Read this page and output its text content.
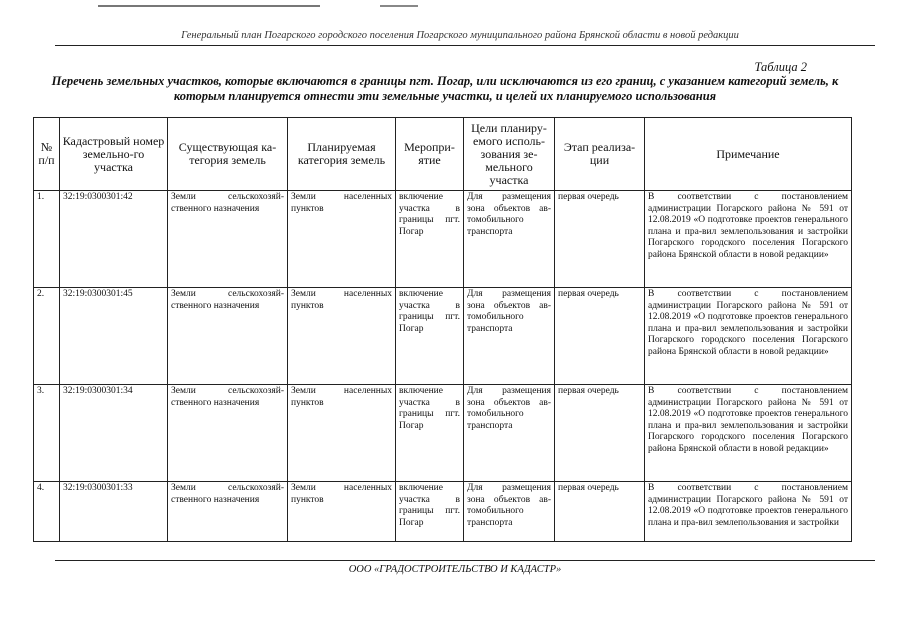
Генеральный план Погарского городского поселения Погарского муниципального района Брянской области в новой редакции
Таблица 2
Перечень земельных участков, которые включаются в границы пгт. Погар, или исключаются из его границ, с указанием категорий земель, к которым планируется отнести эти земельные участки, и целей их планируемого использования
№ п/п	Кадастровый номер земельно-го участка	Существующая ка-тегория земель	Планируемая категория земель	Меропри-ятие	Цели планиру-емого исполь-зования зе-мельного участка	Этап реализа-ции	Примечание
1.	32:19:0300301:42	Земли сельскохозяй-ственного назначения	Земли населенных пунктов	включение участка в границы пгт. Погар	Для размещения зона объектов ав-томобильного транспорта	первая очередь	В соответствии с постановлением администрации Погарского района № 591 от 12.08.2019 «О подготовке проектов генерального плана и пра-вил землепользования и застройки Погарского городского поселения Погарского района Брянской области в новой редакции»
2.	32:19:0300301:45	Земли сельскохозяй-ственного назначения	Земли населенных пунктов	включение участка в границы пгт. Погар	Для размещения зона объектов ав-томобильного транспорта	первая очередь	В соответствии с постановлением администрации Погарского района № 591 от 12.08.2019 «О подготовке проектов генерального плана и пра-вил землепользования и застройки Погарского городского поселения Погарского района Брянской области в новой редакции»
3.	32:19:0300301:34	Земли сельскохозяй-ственного назначения	Земли населенных пунктов	включение участка в границы пгт. Погар	Для размещения зона объектов ав-томобильного транспорта	первая очередь	В соответствии с постановлением администрации Погарского района № 591 от 12.08.2019 «О подготовке проектов генерального плана и пра-вил землепользования и застройки Погарского городского поселения Погарского района Брянской области в новой редакции»
4.	32:19:0300301:33	Земли сельскохозяй-ственного назначения	Земли населенных пунктов	включение участка в границы пгт. Погар	Для размещения зона объектов ав-томобильного транспорта	первая очередь	В соответствии с постановлением администрации Погарского района № 591 от 12.08.2019 «О подготовке проектов генерального плана и пра-вил землепользования и застройки
ООО «ГРАДОСТРОИТЕЛЬСТВО И КАДАСТР»
